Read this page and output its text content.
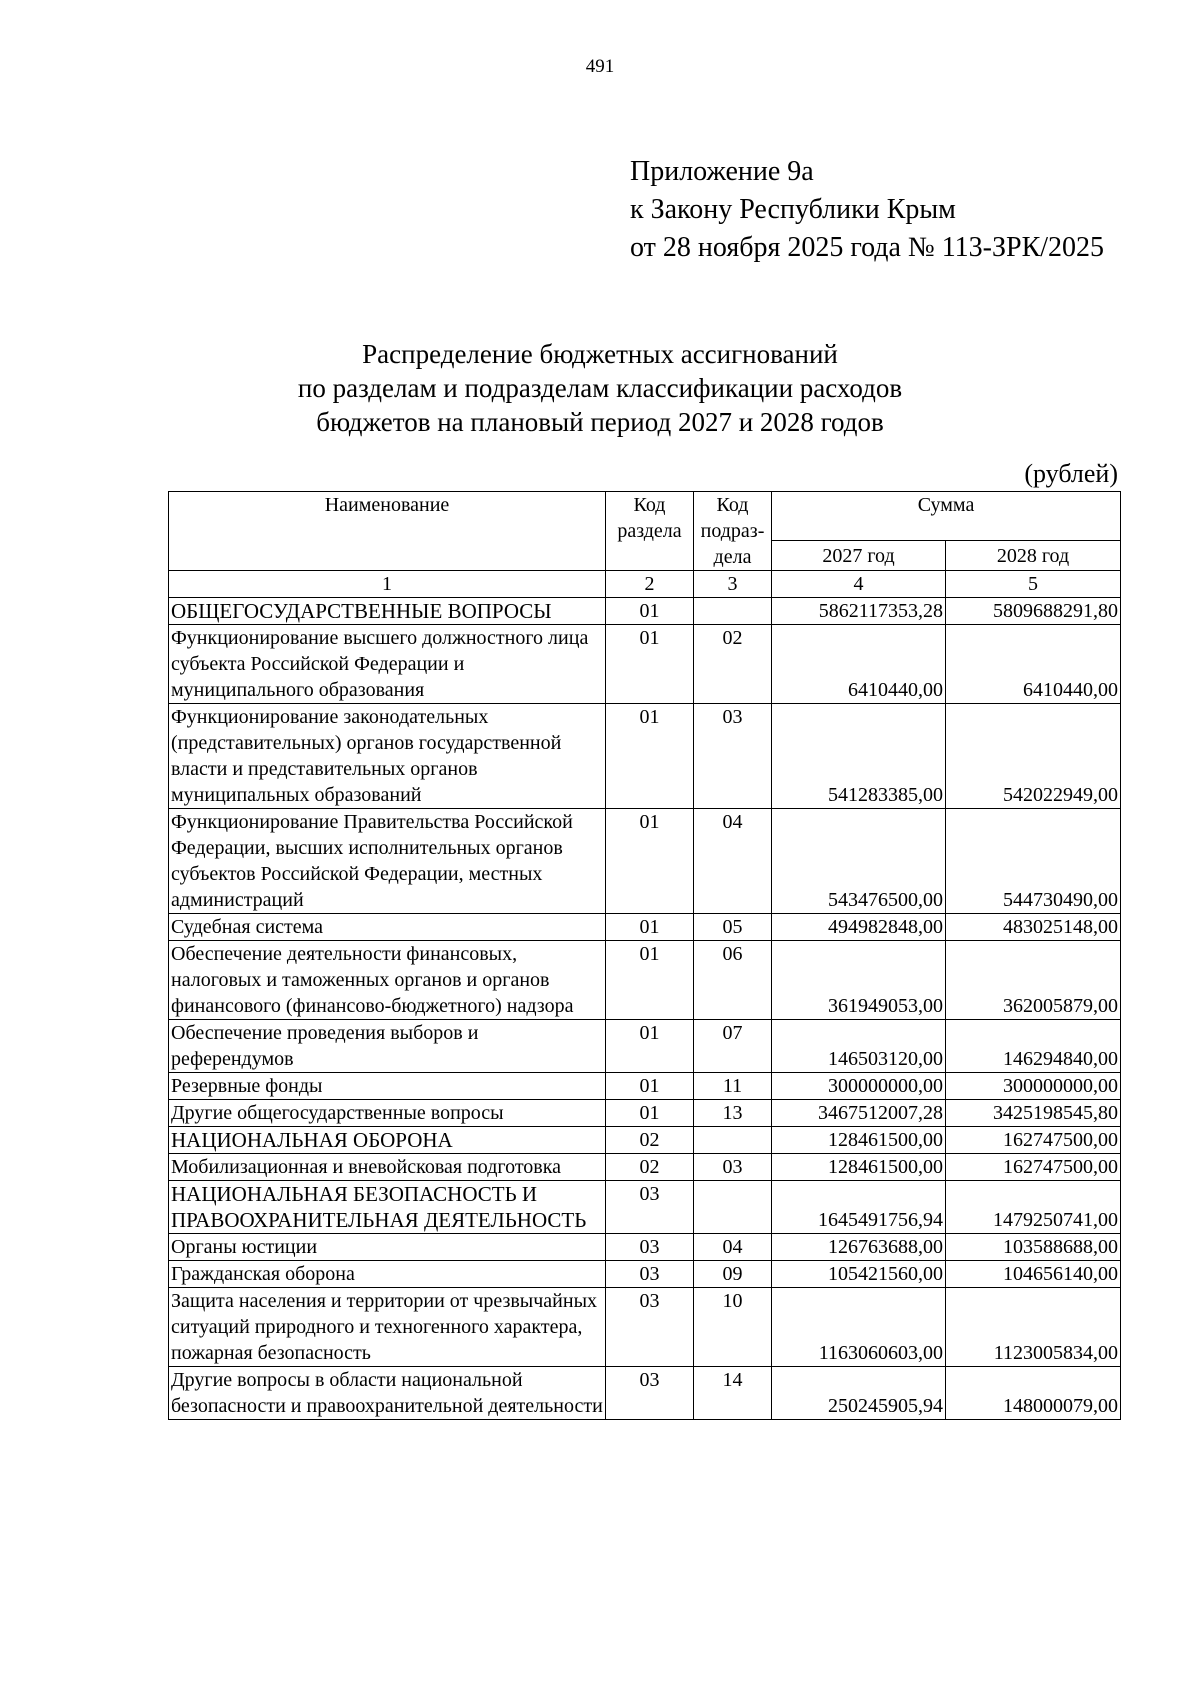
491
Приложение 9а
к Закону Республики Крым
от 28 ноября 2025 года № 113-ЗРК/2025
Распределение бюджетных ассигнований
по разделам и подразделам классификации расходов
бюджетов на плановый период 2027 и 2028 годов
(рублей)
Наименование	Код раздела	Код подраз- дела	Сумма	
			2027 год	2028 год
1	2	3	4	5
ОБЩЕГОСУДАРСТВЕННЫЕ ВОПРОСЫ	01		5862117353,28	5809688291,80
Функционирование высшего должностного лица субъекта Российской Федерации и муниципального образования	01	02	6410440,00	6410440,00
Функционирование законодательных (представительных) органов государственной власти и представительных органов муниципальных образований	01	03	541283385,00	542022949,00
Функционирование Правительства Российской Федерации, высших исполнительных органов субъектов Российской Федерации, местных администраций	01	04	543476500,00	544730490,00
Судебная система	01	05	494982848,00	483025148,00
Обеспечение деятельности финансовых, налоговых и таможенных органов и органов финансового (финансово-бюджетного) надзора	01	06	361949053,00	362005879,00
Обеспечение проведения выборов и референдумов	01	07	146503120,00	146294840,00
Резервные фонды	01	11	300000000,00	300000000,00
Другие общегосударственные вопросы	01	13	3467512007,28	3425198545,80
НАЦИОНАЛЬНАЯ ОБОРОНА	02		128461500,00	162747500,00
Мобилизационная и вневойсковая подготовка	02	03	128461500,00	162747500,00
НАЦИОНАЛЬНАЯ БЕЗОПАСНОСТЬ И ПРАВООХРАНИТЕЛЬНАЯ ДЕЯТЕЛЬНОСТЬ	03		1645491756,94	1479250741,00
Органы юстиции	03	04	126763688,00	103588688,00
Гражданская оборона	03	09	105421560,00	104656140,00
Защита населения и территории от чрезвычайных ситуаций природного и техногенного характера, пожарная безопасность	03	10	1163060603,00	1123005834,00
Другие вопросы в области национальной безопасности и правоохранительной деятельности	03	14	250245905,94	148000079,00
